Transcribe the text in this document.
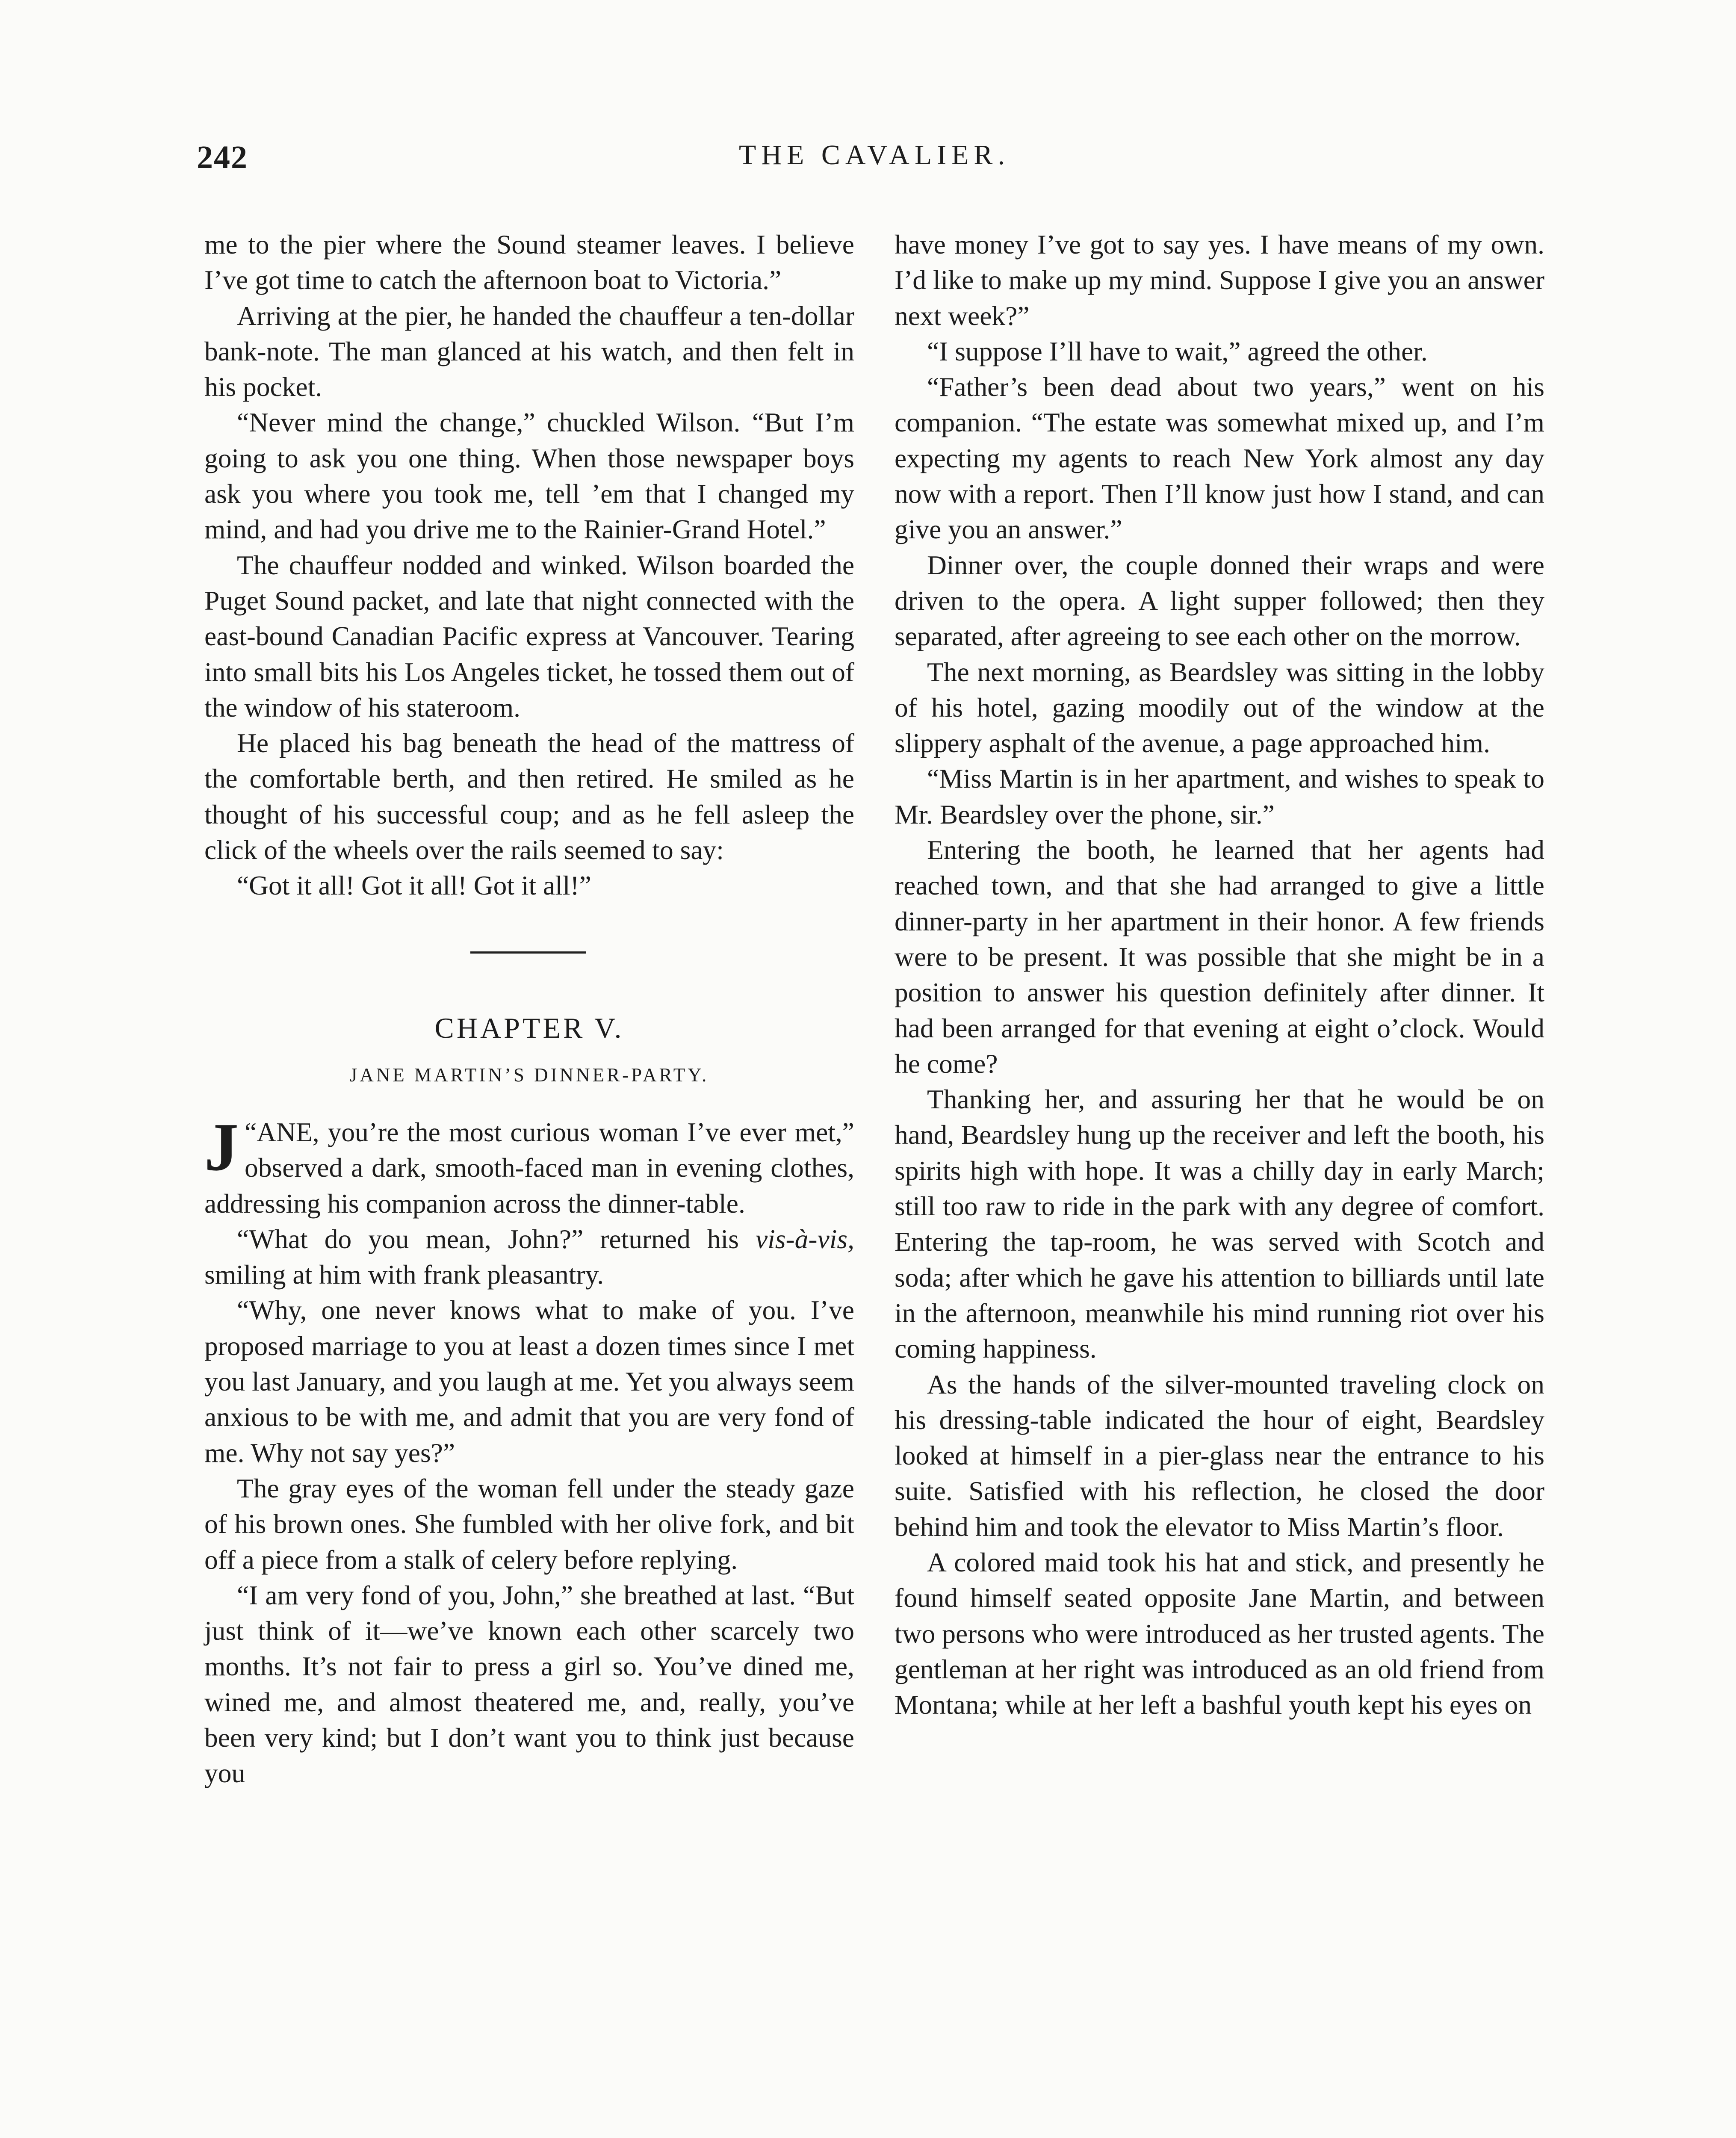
242	THE CAVALIER.

me to the pier where the Sound steamer leaves. I believe I’ve got time to catch the afternoon boat to Victoria.”

Arriving at the pier, he handed the chauffeur a ten-dollar bank-note. The man glanced at his watch, and then felt in his pocket.

“Never mind the change,” chuckled Wilson. “But I’m going to ask you one thing. When those newspaper boys ask you where you took me, tell ’em that I changed my mind, and had you drive me to the Rainier-Grand Hotel.”

The chauffeur nodded and winked. Wilson boarded the Puget Sound packet, and late that night connected with the east-bound Canadian Pacific express at Vancouver. Tearing into small bits his Los Angeles ticket, he tossed them out of the window of his stateroom.

He placed his bag beneath the head of the mattress of the comfortable berth, and then retired. He smiled as he thought of his successful coup; and as he fell asleep the click of the wheels over the rails seemed to say:

“Got it all! Got it all! Got it all!”

CHAPTER V.
JANE MARTIN’S DINNER-PARTY.

“
J ANE, you’re the most curious woman I’ve ever met,” observed a dark, smooth-faced man in evening clothes, addressing his companion across the dinner-table.

“What do you mean, John?” returned his vis-à-vis, smiling at him with frank pleasantry.

“Why, one never knows what to make of you. I’ve proposed marriage to you at least a dozen times since I met you last January, and you laugh at me. Yet you always seem anxious to be with me, and admit that you are very fond of me. Why not say yes?”

The gray eyes of the woman fell under the steady gaze of his brown ones. She fumbled with her olive fork, and bit off a piece from a stalk of celery before replying.

“I am very fond of you, John,” she breathed at last. “But just think of it—we’ve known each other scarcely two months. It’s not fair to press a girl so. You’ve dined me, wined me, and almost theatered me, and, really, you’ve been very kind; but I don’t want you to think just because you

have money I’ve got to say yes. I have means of my own. I’d like to make up my mind. Suppose I give you an answer next week?”

“I suppose I’ll have to wait,” agreed the other.

“Father’s been dead about two years,” went on his companion. “The estate was somewhat mixed up, and I’m expecting my agents to reach New York almost any day now with a report. Then I’ll know just how I stand, and can give you an answer.”

Dinner over, the couple donned their wraps and were driven to the opera. A light supper followed; then they separated, after agreeing to see each other on the morrow.

The next morning, as Beardsley was sitting in the lobby of his hotel, gazing moodily out of the window at the slippery asphalt of the avenue, a page approached him.

“Miss Martin is in her apartment, and wishes to speak to Mr. Beardsley over the phone, sir.”

Entering the booth, he learned that her agents had reached town, and that she had arranged to give a little dinner-party in her apartment in their honor. A few friends were to be present. It was possible that she might be in a position to answer his question definitely after dinner. It had been arranged for that evening at eight o’clock. Would he come?

Thanking her, and assuring her that he would be on hand, Beardsley hung up the receiver and left the booth, his spirits high with hope. It was a chilly day in early March; still too raw to ride in the park with any degree of comfort. Entering the tap-room, he was served with Scotch and soda; after which he gave his attention to billiards until late in the afternoon, meanwhile his mind running riot over his coming happiness.

As the hands of the silver-mounted traveling clock on his dressing-table indicated the hour of eight, Beardsley looked at himself in a pier-glass near the entrance to his suite. Satisfied with his reflection, he closed the door behind him and took the elevator to Miss Martin’s floor.

A colored maid took his hat and stick, and presently he found himself seated opposite Jane Martin, and between two persons who were introduced as her trusted agents. The gentleman at her right was introduced as an old friend from Montana; while at her left a bashful youth kept his eyes on
